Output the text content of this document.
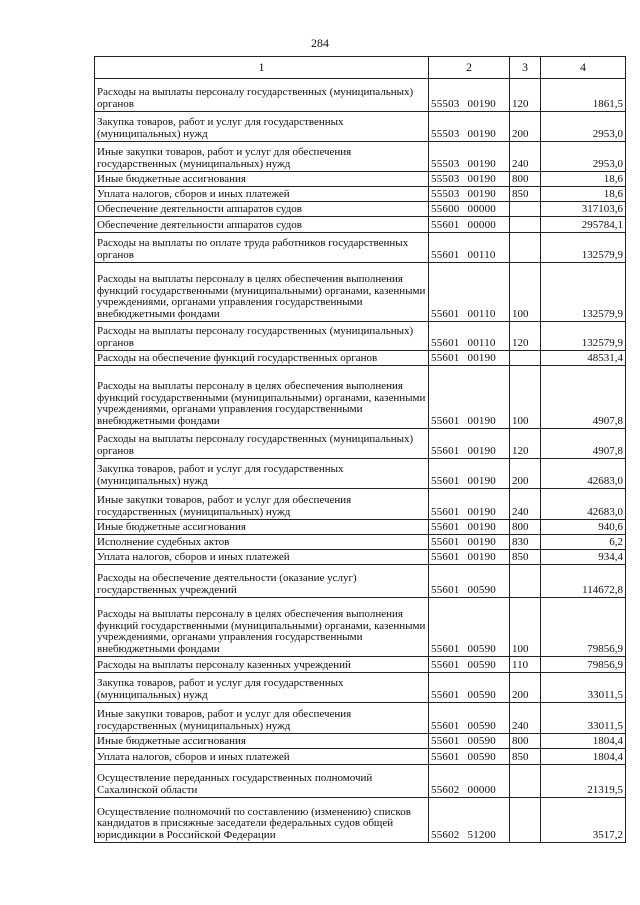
284
1	2	3	4
Расходы на выплаты персоналу государственных (муниципальных) органов	55503 00190	120	1861,5
Закупка товаров, работ и услуг для государственных (муниципальных) нужд	55503 00190	200	2953,0
Иные закупки товаров, работ и услуг для обеспечения государственных (муниципальных) нужд	55503 00190	240	2953,0
Иные бюджетные ассигнования	55503 00190	800	18,6
Уплата налогов, сборов и иных платежей	55503 00190	850	18,6
Обеспечение деятельности аппаратов судов	55600 00000		317103,6
Обеспечение деятельности аппаратов судов	55601 00000		295784,1
Расходы на выплаты по оплате труда работников государственных органов	55601 00110		132579,9
Расходы на выплаты персоналу в целях обеспечения выполнения функций государственными (муниципальными) органами, казенными учреждениями, органами управления государственными внебюджетными фондами	55601 00110	100	132579,9
Расходы на выплаты персоналу государственных (муниципальных) органов	55601 00110	120	132579,9
Расходы на обеспечение функций государственных органов	55601 00190		48531,4
Расходы на выплаты персоналу в целях обеспечения выполнения функций государственными (муниципальными) органами, казенными учреждениями, органами управления государственными внебюджетными фондами	55601 00190	100	4907,8
Расходы на выплаты персоналу государственных (муниципальных) органов	55601 00190	120	4907,8
Закупка товаров, работ и услуг для государственных (муниципальных) нужд	55601 00190	200	42683,0
Иные закупки товаров, работ и услуг для обеспечения государственных (муниципальных) нужд	55601 00190	240	42683,0
Иные бюджетные ассигнования	55601 00190	800	940,6
Исполнение судебных актов	55601 00190	830	6,2
Уплата налогов, сборов и иных платежей	55601 00190	850	934,4
Расходы на обеспечение деятельности (оказание услуг) государственных учреждений	55601 00590		114672,8
Расходы на выплаты персоналу в целях обеспечения выполнения функций государственными (муниципальными) органами, казенными учреждениями, органами управления государственными внебюджетными фондами	55601 00590	100	79856,9
Расходы на выплаты персоналу казенных учреждений	55601 00590	110	79856,9
Закупка товаров, работ и услуг для государственных (муниципальных) нужд	55601 00590	200	33011,5
Иные закупки товаров, работ и услуг для обеспечения государственных (муниципальных) нужд	55601 00590	240	33011,5
Иные бюджетные ассигнования	55601 00590	800	1804,4
Уплата налогов, сборов и иных платежей	55601 00590	850	1804,4
Осуществление переданных государственных полномочий Сахалинской области	55602 00000		21319,5
Осуществление полномочий по составлению (изменению) списков кандидатов в присяжные заседатели федеральных судов общей юрисдикции в Российской Федерации	55602 51200		3517,2
